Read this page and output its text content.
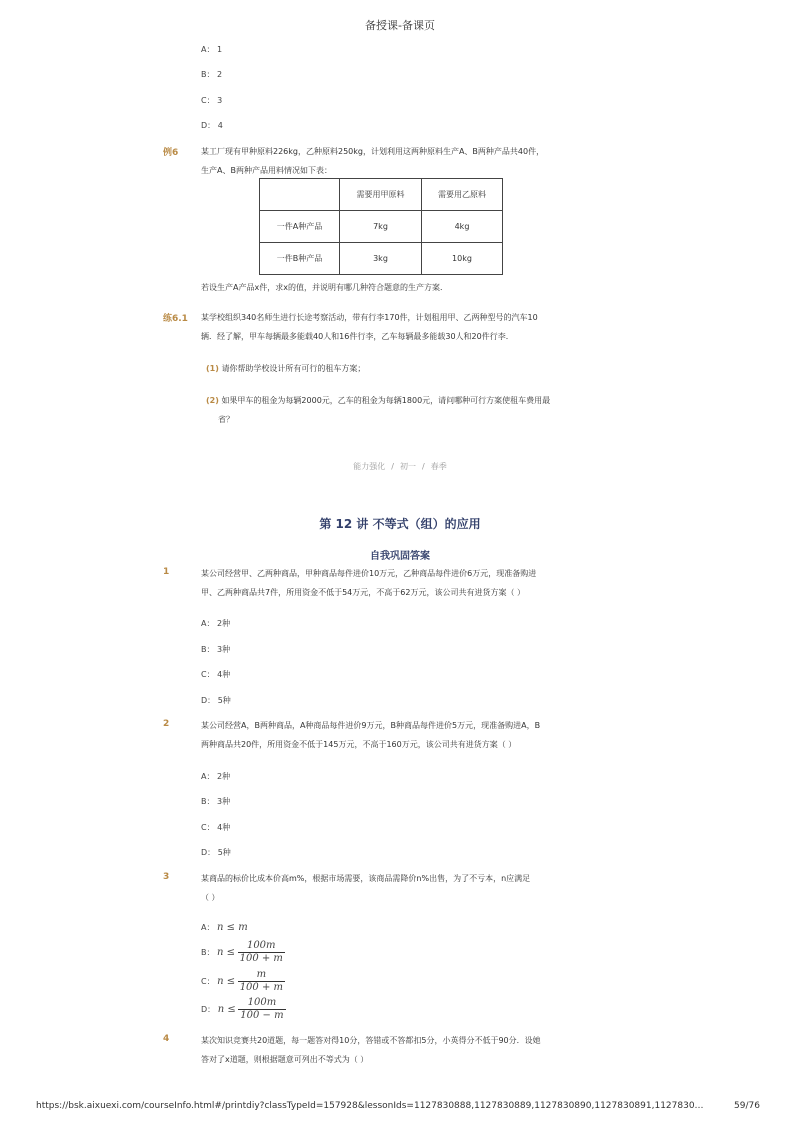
备授课-备课页
A： 1
B： 2
C： 3
D： 4
例6	某工厂现有甲种原料226kg，乙种原料250kg，计划利用这两种原料生产A、B两种产品共40件，
生产A、B两种产品用料情况如下表：
	需要用甲原料	需要用乙原料
一件A种产品	7kg	4kg
一件B种产品	3kg	10kg
若设生产A产品x件，求x的值，并说明有哪几种符合题意的生产方案．
练6.1 某学校组织340名师生进行长途考察活动，带有行李170件，计划租用甲、乙两种型号的汽车10
辆．经了解，甲车每辆最多能载40人和16件行李，乙车每辆最多能载30人和20件行李．
(1) 请你帮助学校设计所有可行的租车方案；
(2) 如果甲车的租金为每辆2000元，乙车的租金为每辆1800元，请问哪种可行方案使租车费用最
省？
能力强化 / 初一 / 春季
第 12 讲 不等式（组）的应用
自我巩固答案
1	某公司经营甲、乙两种商品，甲种商品每件进价10万元，乙种商品每件进价6万元，现准备购进
甲、乙两种商品共7件，所用资金不低于54万元，不高于62万元，该公司共有进货方案（ ）
A： 2种
B： 3种
C： 4种
D： 5种
2	某公司经营A，B两种商品，A种商品每件进价9万元，B种商品每件进价5万元，现准备购进A，B
两种商品共20件，所用资金不低于145万元，不高于160万元，该公司共有进货方案（ ）
A： 2种
B： 3种
C： 4种
D： 5种
3	某商品的标价比成本价高m%，根据市场需要，该商品需降价n%出售，为了不亏本，n应满足
（ ）
A： n ≤ m
B： $n \le \frac{100m}{100 + m}$
C： $n \le \frac{m}{100 + m}$
D： $n \le \frac{100m}{100 - m}$
4	某次知识竞赛共20道题，每一题答对得10分，答错或不答都扣5分，小英得分不低于90分．设她
答对了x道题，则根据题意可列出不等式为（ ）
https://bsk.aixuexi.com/courseInfo.html#/printdiy?classTypeId=157928&lessonIds=1127830888,1127830889,1127830890,1127830891,1127830…	59/76
